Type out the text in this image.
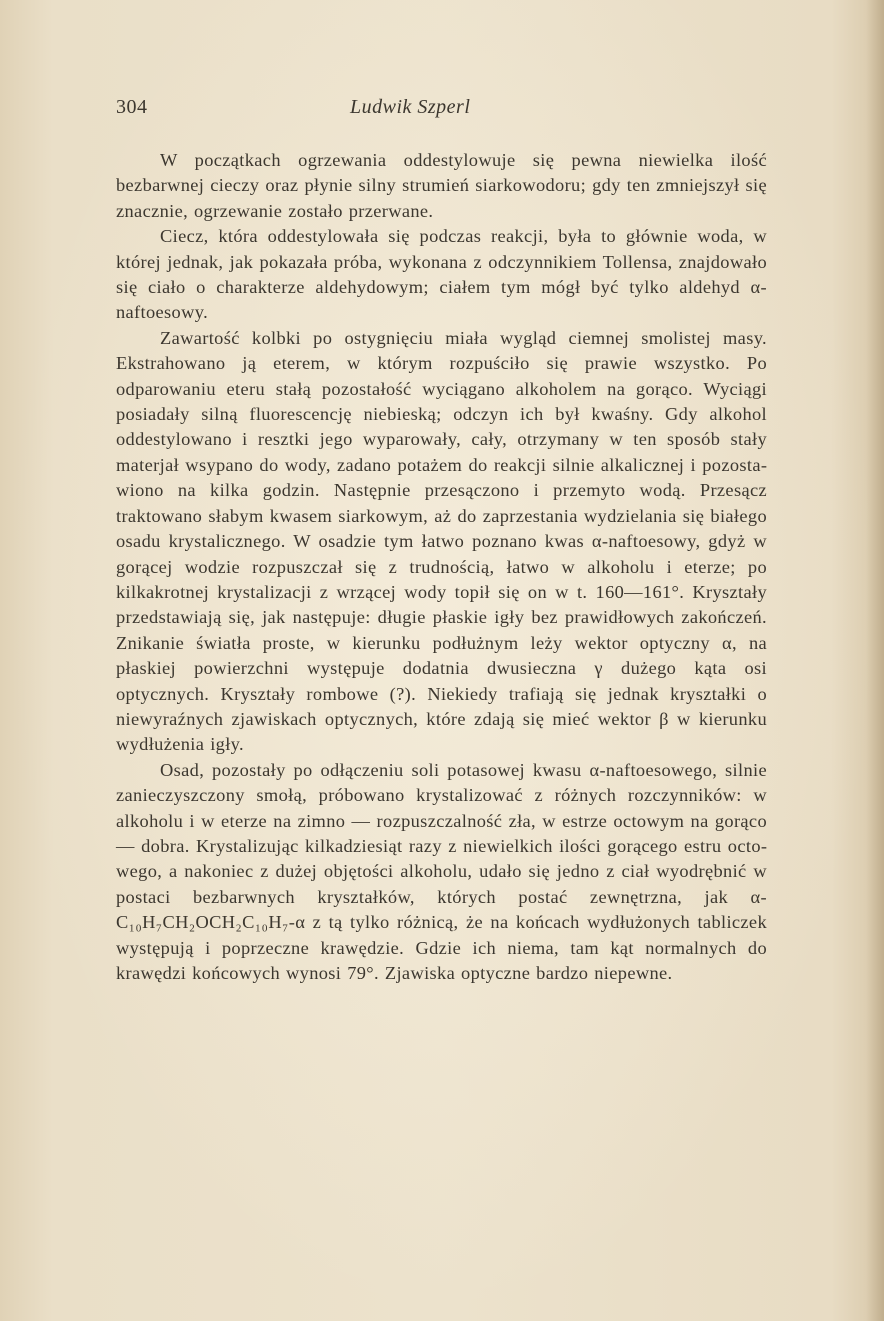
304	Ludwik Szperl

W początkach ogrzewania oddestylowuje się pewna niewielka ilość bezbarwnej cieczy oraz płynie silny strumień siarkowodoru; gdy ten zmniejszył się znacznie, ogrzewanie zostało przerwane.

Ciecz, która oddestylowała się podczas reakcji, była to głównie woda, w której jednak, jak pokazała próba, wykonana z odczynnikiem Tollensa, znajdowało się ciało o charakterze aldehydowym; ciałem tym mógł być tylko aldehyd α-naftoesowy.

Zawartość kolbki po ostygnięciu miała wygląd ciemnej smolistej masy. Ekstrahowano ją eterem, w którym rozpuściło się prawie wszystko. Po odparowaniu eteru stałą pozostałość wyciągano alkoholem na gorąco. Wyciągi posiadały silną fluorescencję niebieską; odczyn ich był kwaśny. Gdy alkohol oddestylowano i resztki jego wyparowały, cały, otrzymany w ten sposób stały materjał wsypano do wody, zadano potażem do reakcji silnie alkalicznej i pozostawiono na kilka godzin. Następnie przesączono i przemyto wodą. Przesącz traktowano słabym kwasem siarkowym, aż do zaprzestania wydzielania się białego osadu krystalicznego. W osadzie tym łatwo poznano kwas α-naftoesowy, gdyż w gorącej wodzie rozpuszczał się z trudnością, łatwo w alkoholu i eterze; po kilkakrotnej krystalizacji z wrzącej wody topił się on w t. 160—161°. Kryształy przedstawiają się, jak następuje: długie płaskie igły bez prawidłowych zakończeń. Znikanie światła proste, w kierunku podłużnym leży wektor optyczny α, na płaskiej powierzchni występuje dodatnia dwusieczna γ dużego kąta osi optycznych. Kryształy rombowe (?). Niekiedy trafiają się jednak kryształki o niewyraźnych zjawiskach optycznych, które zdają się mieć wektor β w kierunku wydłużenia igły.

Osad, pozostały po odłączeniu soli potasowej kwasu α-naftoesowego, silnie zanieczyszczony smołą, próbowano krystalizować z różnych rozczynników: w alkoholu i w eterze na zimno — rozpuszczalność zła, w estrze octowym na gorąco — dobra. Krystalizując kilkadziesiąt razy z niewielkich ilości gorącego estru octowego, a nakoniec z dużej objętości alkoholu, udało się jedno z ciał wyodrębnić w postaci bezbarwnych kryształków, których postać zewnętrzna, jak α-C₁₀H₇CH₂OCH₂C₁₀H₇-α z tą tylko różnicą, że na końcach wydłużonych tabliczek występują i poprzeczne krawędzie. Gdzie ich niema, tam kąt normalnych do krawędzi końcowych wynosi 79°. Zjawiska optyczne bardzo niepewne.
